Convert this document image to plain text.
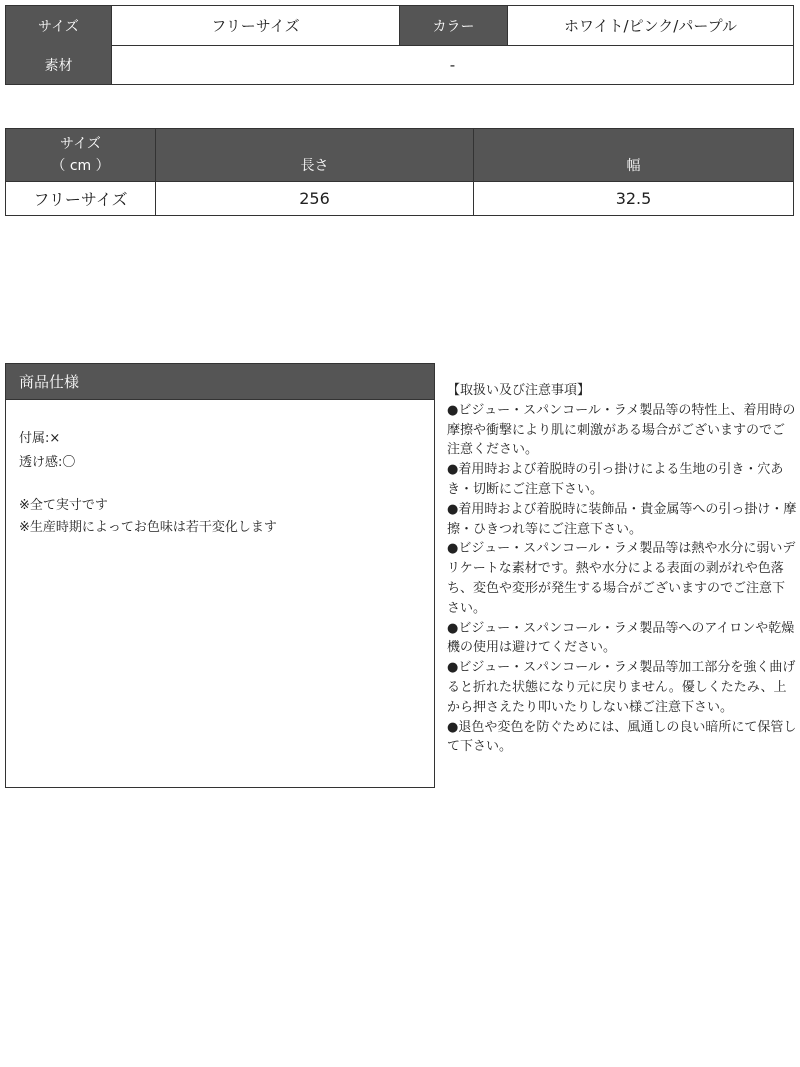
サイズ	フリーサイズ	カラー	ホワイト/ピンク/パープル
素材	-
サイズ
（ cm ）	長さ	幅
フリーサイズ	256	32.5
商品仕様
付属:×
透け感:〇
※全て実寸です
※生産時期によってお色味は若干変化します

【取扱い及び注意事項】

●ビジュー・スパンコール・ラメ製品等の特性上、着用時の摩擦や衝撃により肌に刺激がある場合がございますのでご注意ください。

●着用時および着脱時の引っ掛けによる生地の引き・穴あき・切断にご注意下さい。

●着用時および着脱時に装飾品・貴金属等への引っ掛け・摩擦・ひきつれ等にご注意下さい。

●ビジュー・スパンコール・ラメ製品等は熱や水分に弱いデリケートな素材です。熱や水分による表面の剥がれや色落ち、変色や変形が発生する場合がございますのでご注意下さい。

●ビジュー・スパンコール・ラメ製品等へのアイロンや乾燥機の使用は避けてください。

●ビジュー・スパンコール・ラメ製品等加工部分を強く曲げると折れた状態になり元に戻りません。優しくたたみ、上から押さえたり叩いたりしない様ご注意下さい。

●退色や変色を防ぐためには、風通しの良い暗所にて保管して下さい。
